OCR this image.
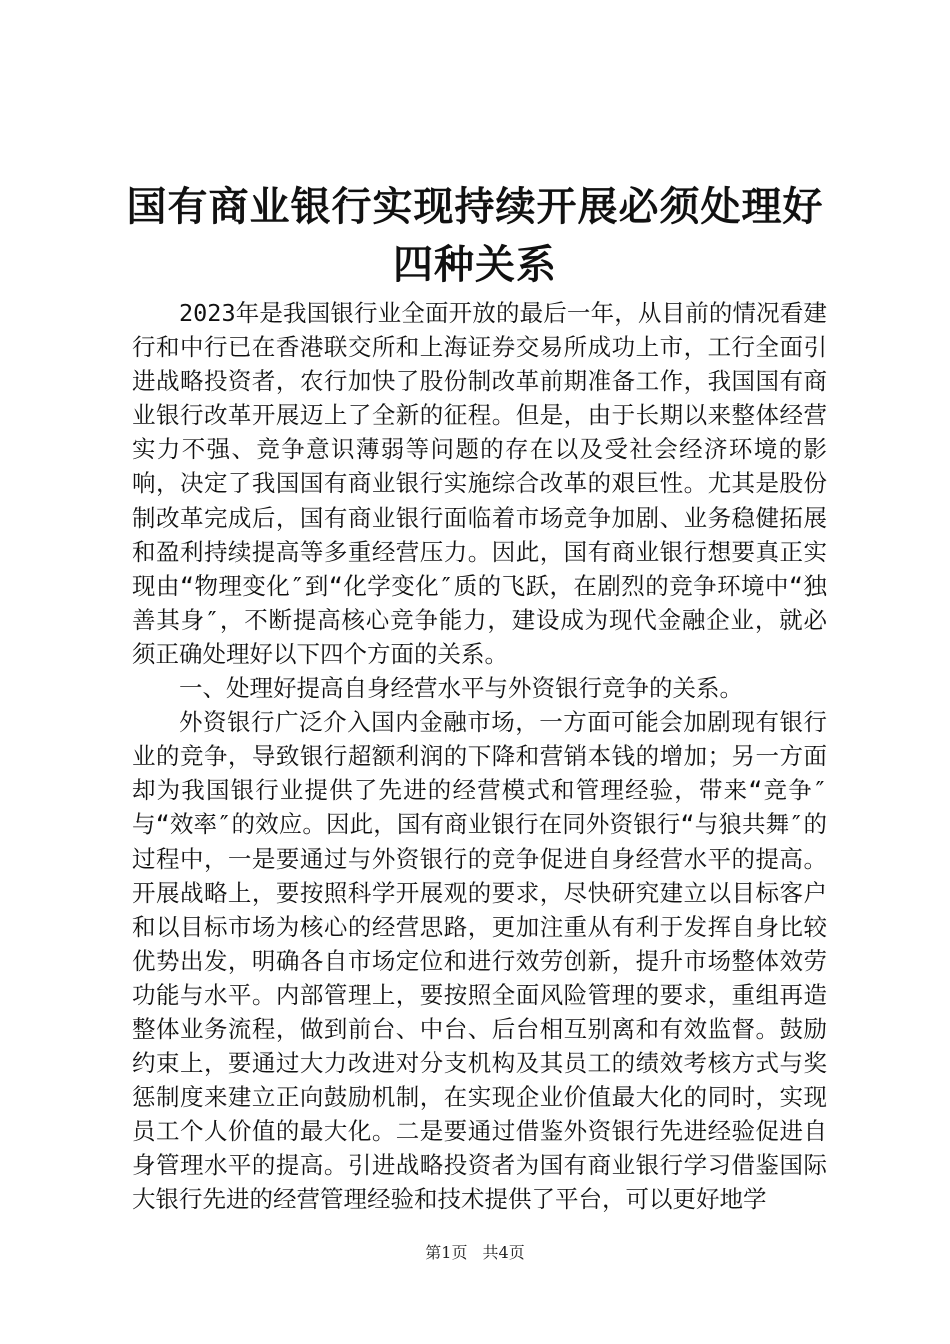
国有商业银行实现持续开展必须处理好四种关系

2023年是我国银行业全面开放的最后一年，从目前的情况看建行和中行已在香港联交所和上海证券交易所成功上市，工行全面引进战略投资者，农行加快了股份制改革前期准备工作，我国国有商业银行改革开展迈上了全新的征程。但是，由于长期以来整体经营实力不强、竞争意识薄弱等问题的存在以及受社会经济环境的影响，决定了我国国有商业银行实施综合改革的艰巨性。尤其是股份制改革完成后，国有商业银行面临着市场竞争加剧、业务稳健拓展和盈利持续提高等多重经营压力。因此，国有商业银行想要真正实现由“物理变化″到“化学变化″质的飞跃，在剧烈的竞争环境中“独善其身″，不断提高核心竞争能力，建设成为现代金融企业，就必须正确处理好以下四个方面的关系。

一、处理好提高自身经营水平与外资银行竞争的关系。

外资银行广泛介入国内金融市场，一方面可能会加剧现有银行业的竞争，导致银行超额利润的下降和营销本钱的增加；另一方面却为我国银行业提供了先进的经营模式和管理经验，带来“竞争″与“效率″的效应。因此，国有商业银行在同外资银行“与狼共舞″的过程中，一是要通过与外资银行的竞争促进自身经营水平的提高。开展战略上，要按照科学开展观的要求，尽快研究建立以目标客户和以目标市场为核心的经营思路，更加注重从有利于发挥自身比较优势出发，明确各自市场定位和进行效劳创新，提升市场整体效劳功能与水平。内部管理上，要按照全面风险管理的要求，重组再造整体业务流程，做到前台、中台、后台相互别离和有效监督。鼓励约束上，要通过大力改进对分支机构及其员工的绩效考核方式与奖惩制度来建立正向鼓励机制，在实现企业价值最大化的同时，实现员工个人价值的最大化。二是要通过借鉴外资银行先进经验促进自身管理水平的提高。引进战略投资者为国有商业银行学习借鉴国际大银行先进的经营管理经验和技术提供了平台，可以更好地学

第1页 共4页
